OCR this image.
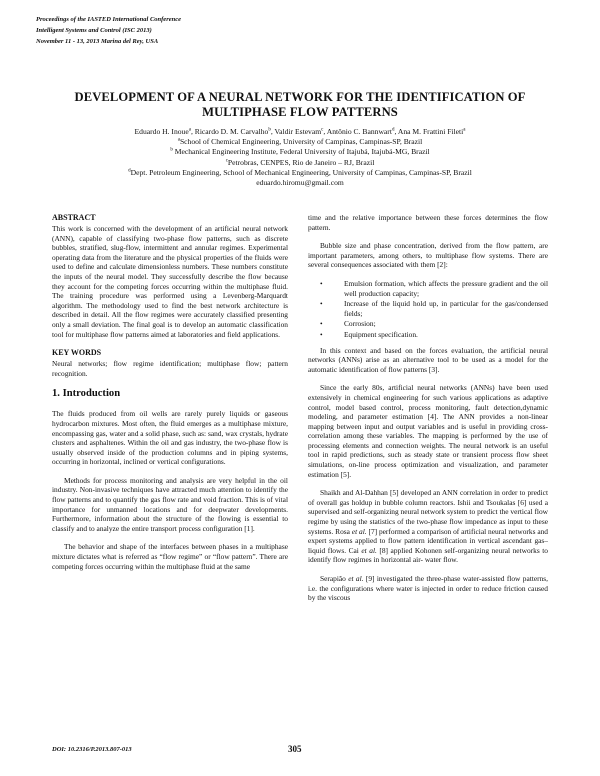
Proceedings of the IASTED International Conference
Intelligent Systems and Control (ISC 2013)
November 11 - 13, 2013 Marina del Rey, USA
DEVELOPMENT OF A NEURAL NETWORK FOR THE IDENTIFICATION OF
MULTIPHASE FLOW PATTERNS
Eduardo H. Inoue$^a$, Ricardo D. M. Carvalho$^b$, Valdir Estevam$^c$, Antônio C. Bannwart$^d$, Ana M. Frattini Fileti$^a$
$^a$School of Chemical Engineering, University of Campinas, Campinas-SP, Brazil
$^b$ Mechanical Engineering Institute, Federal University of Itajubá, Itajubá-MG, Brazil
$^c$Petrobras, CENPES, Rio de Janeiro – RJ, Brazil
$^d$Dept. Petroleum Engineering, School of Mechanical Engineering, University of Campinas, Campinas-SP, Brazil
eduardo.hiromu@gmail.com
ABSTRACT

This work is concerned with the development of an artificial neural network (ANN), capable of classifying two-phase flow patterns, such as discrete bubbles, stratified, slug-flow, intermittent and annular regimes. Experimental operating data from the literature and the physical properties of the fluids were used to define and calculate dimensionless numbers. These numbers constitute the inputs of the neural model. They successfully describe the flow because they account for the competing forces occurring within the multiphase fluid. The training procedure was performed using a Levenberg-Marquardt algorithm. The methodology used to find the best network architecture is described in detail. All the flow regimes were accurately classified presenting only a small deviation. The final goal is to develop an automatic classification tool for multiphase flow patterns aimed at laboratories and field applications.

KEY WORDS

Neural networks; flow regime identification; multiphase flow; pattern recognition.

1. Introduction

The fluids produced from oil wells are rarely purely liquids or gaseous hydrocarbon mixtures. Most often, the fluid emerges as a multiphase mixture, encompassing gas, water and a solid phase, such as: sand, wax crystals, hydrate clusters and asphaltenes. Within the oil and gas industry, the two-phase flow is usually observed inside of the production columns and in piping systems, occurring in horizontal, inclined or vertical configurations.

Methods for process monitoring and analysis are very helpful in the oil industry. Non-invasive techniques have attracted much attention to identify the flow patterns and to quantify the gas flow rate and void fraction. This is of vital importance for unmanned locations and for deepwater developments. Furthermore, information about the structure of the flowing is essential to classify and to analyze the entire transport process configuration [1].

The behavior and shape of the interfaces between phases in a multiphase mixture dictates what is referred as “flow regime” or “flow pattern”. There are competing forces occurring within the multiphase fluid at the same

time and the relative importance between these forces determines the flow pattern.

Bubble size and phase concentration, derived from the flow pattern, are important parameters, among others, to multiphase flow systems. There are several consequences associated with them [2]:

•	Emulsion formation, which affects the pressure gradient and the oil well production capacity;
•	Increase of the liquid hold up, in particular for the gas/condensed fields;
•	Corrosion;
•	Equipment specification.

In this context and based on the forces evaluation, the artificial neural networks (ANNs) arise as an alternative tool to be used as a model for the automatic identification of flow patterns [3].

Since the early 80s, artificial neural networks (ANNs) have been used extensively in chemical engineering for such various applications as adaptive control, model based control, process monitoring, fault detection,dynamic modeling, and parameter estimation [4]. The ANN provides a non-linear mapping between input and output variables and is useful in providing cross-correlation among these variables. The mapping is performed by the use of processing elements and connection weights. The neural network is an useful tool in rapid predictions, such as steady state or transient process flow sheet simulations, on-line process optimization and visualization, and parameter estimation [5].

Shaikh and Al-Dahhan [5] developed an ANN correlation in order to predict of overall gas holdup in bubble column reactors. Ishii and Tsoukalas [6] used a supervised and self-organizing neural network system to predict the vertical flow regime by using the statistics of the two-phase flow impedance as input to these systems. Rosa et al. [7] performed a comparison of artificial neural networks and expert systems applied to flow pattern identification in vertical ascendant gas–liquid flows. Cai et al. [8] applied Kohonen self-organizing neural networks to identify flow regimes in horizontal air- water flow.

Serapião et al. [9] investigated the three-phase water-assisted flow patterns, i.e. the configurations where water is injected in order to reduce friction caused by the viscous

DOI: 10.2316/P.2013.807-013	305
